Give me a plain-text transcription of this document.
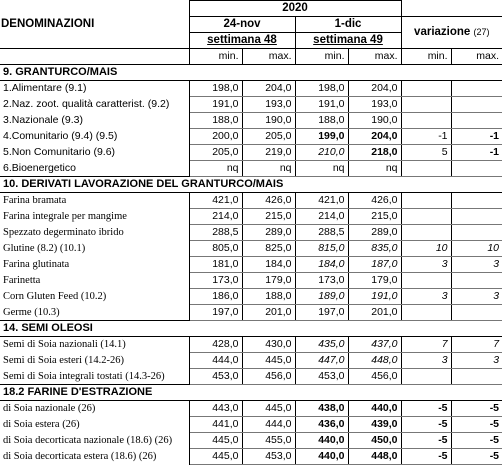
DENOMINAZIONI	2020					
	24-nov		1-dic		variazione (27)	
	settimana 48		settimana 49			
	min.	max.	min.	max.	min.	max.
9. GRANTURCO/MAIS						
1.Alimentare (9.1)	198,0	204,0	198,0	204,0		
2.Naz. zoot. qualità caratterist. (9.2)	191,0	193,0	191,0	193,0		
3.Nazionale (9.3)	188,0	190,0	188,0	190,0		
4.Comunitario (9.4) (9.5)	200,0	205,0	199,0	204,0	-1	-1
5.Non Comunitario (9.6)	205,0	219,0	210,0	218,0	5	-1
6.Bioenergetico	nq	nq	nq	nq		
10. DERIVATI LAVORAZIONE DEL GRANTURCO/MAIS						
Farina bramata	421,0	426,0	421,0	426,0		
Farina integrale per mangime	214,0	215,0	214,0	215,0		
Spezzato degerminato ibrido	288,5	289,0	288,5	289,0		
Glutine (8.2) (10.1)	805,0	825,0	815,0	835,0	10	10
Farina glutinata	181,0	184,0	184,0	187,0	3	3
Farinetta	173,0	179,0	173,0	179,0		
Corn Gluten Feed (10.2)	186,0	188,0	189,0	191,0	3	3
Germe (10.3)	197,0	201,0	197,0	201,0		
14. SEMI OLEOSI						
Semi di Soia nazionali (14.1)	428,0	430,0	435,0	437,0	7	7
Semi di Soia esteri (14.2-26)	444,0	445,0	447,0	448,0	3	3
Semi di Soia integrali tostati (14.3-26)	453,0	456,0	453,0	456,0		
18.2 FARINE D'ESTRAZIONE						
di Soia nazionale (26)	443,0	445,0	438,0	440,0	-5	-5
di Soia estera (26)	441,0	444,0	436,0	439,0	-5	-5
di Soia decorticata nazionale (18.6) (26)	445,0	455,0	440,0	450,0	-5	-5
di Soia decorticata estera (18.6) (26)	445,0	453,0	440,0	448,0	-5	-5
